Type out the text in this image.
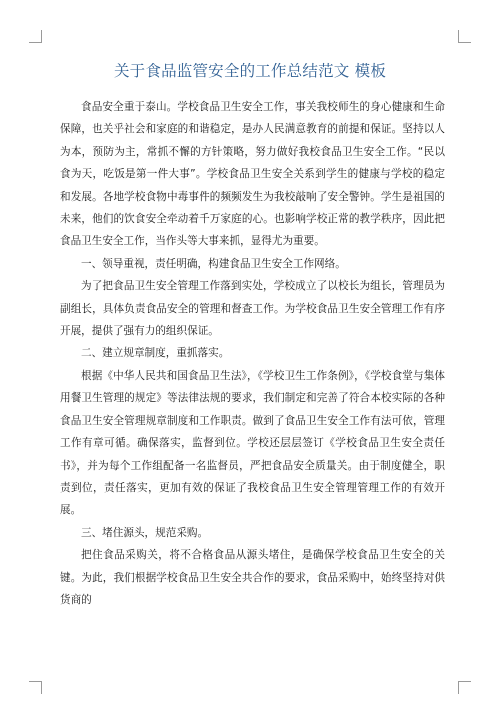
关于食品监管安全的工作总结范文 模板

食品安全重于泰山。学校食品卫生安全工作，事关我校师生的身心健康和生命保障，也关乎社会和家庭的和谐稳定，是办人民满意教育的前提和保证。坚持以人为本，预防为主，常抓不懈的方针策略，努力做好我校食品卫生安全工作。“民以食为天，吃饭是第一件大事”。学校食品卫生安全关系到学生的健康与学校的稳定和发展。各地学校食物中毒事件的频频发生为我校敲响了安全警钟。学生是祖国的未来，他们的饮食安全牵动着千万家庭的心。也影响学校正常的教学秩序，因此把食品卫生安全工作，当作头等大事来抓，显得尤为重要。

一、领导重视，责任明确，构建食品卫生安全工作网络。

为了把食品卫生安全管理工作落到实处，学校成立了以校长为组长，管理员为副组长，具体负责食品安全的管理和督查工作。为学校食品卫生安全管理工作有序开展，提供了强有力的组织保证。

二、建立规章制度，重抓落实。

根据《中华人民共和国食品卫生法》，《学校卫生工作条例》，《学校食堂与集体用餐卫生管理的规定》等法律法规的要求，我们制定和完善了符合本校实际的各种食品卫生安全管理规章制度和工作职责。做到了食品卫生安全工作有法可依，管理工作有章可循。确保落实，监督到位。学校还层层签订《学校食品卫生安全责任书》，并为每个工作组配备一名监督员，严把食品安全质量关。由于制度健全，职责到位，责任落实，更加有效的保证了我校食品卫生安全管理管理工作的有效开展。

三、堵住源头，规范采购。

把住食品采购关，将不合格食品从源头堵住，是确保学校食品卫生安全的关键。为此，我们根据学校食品卫生安全共合作的要求，食品采购中，始终坚持对供货商的
